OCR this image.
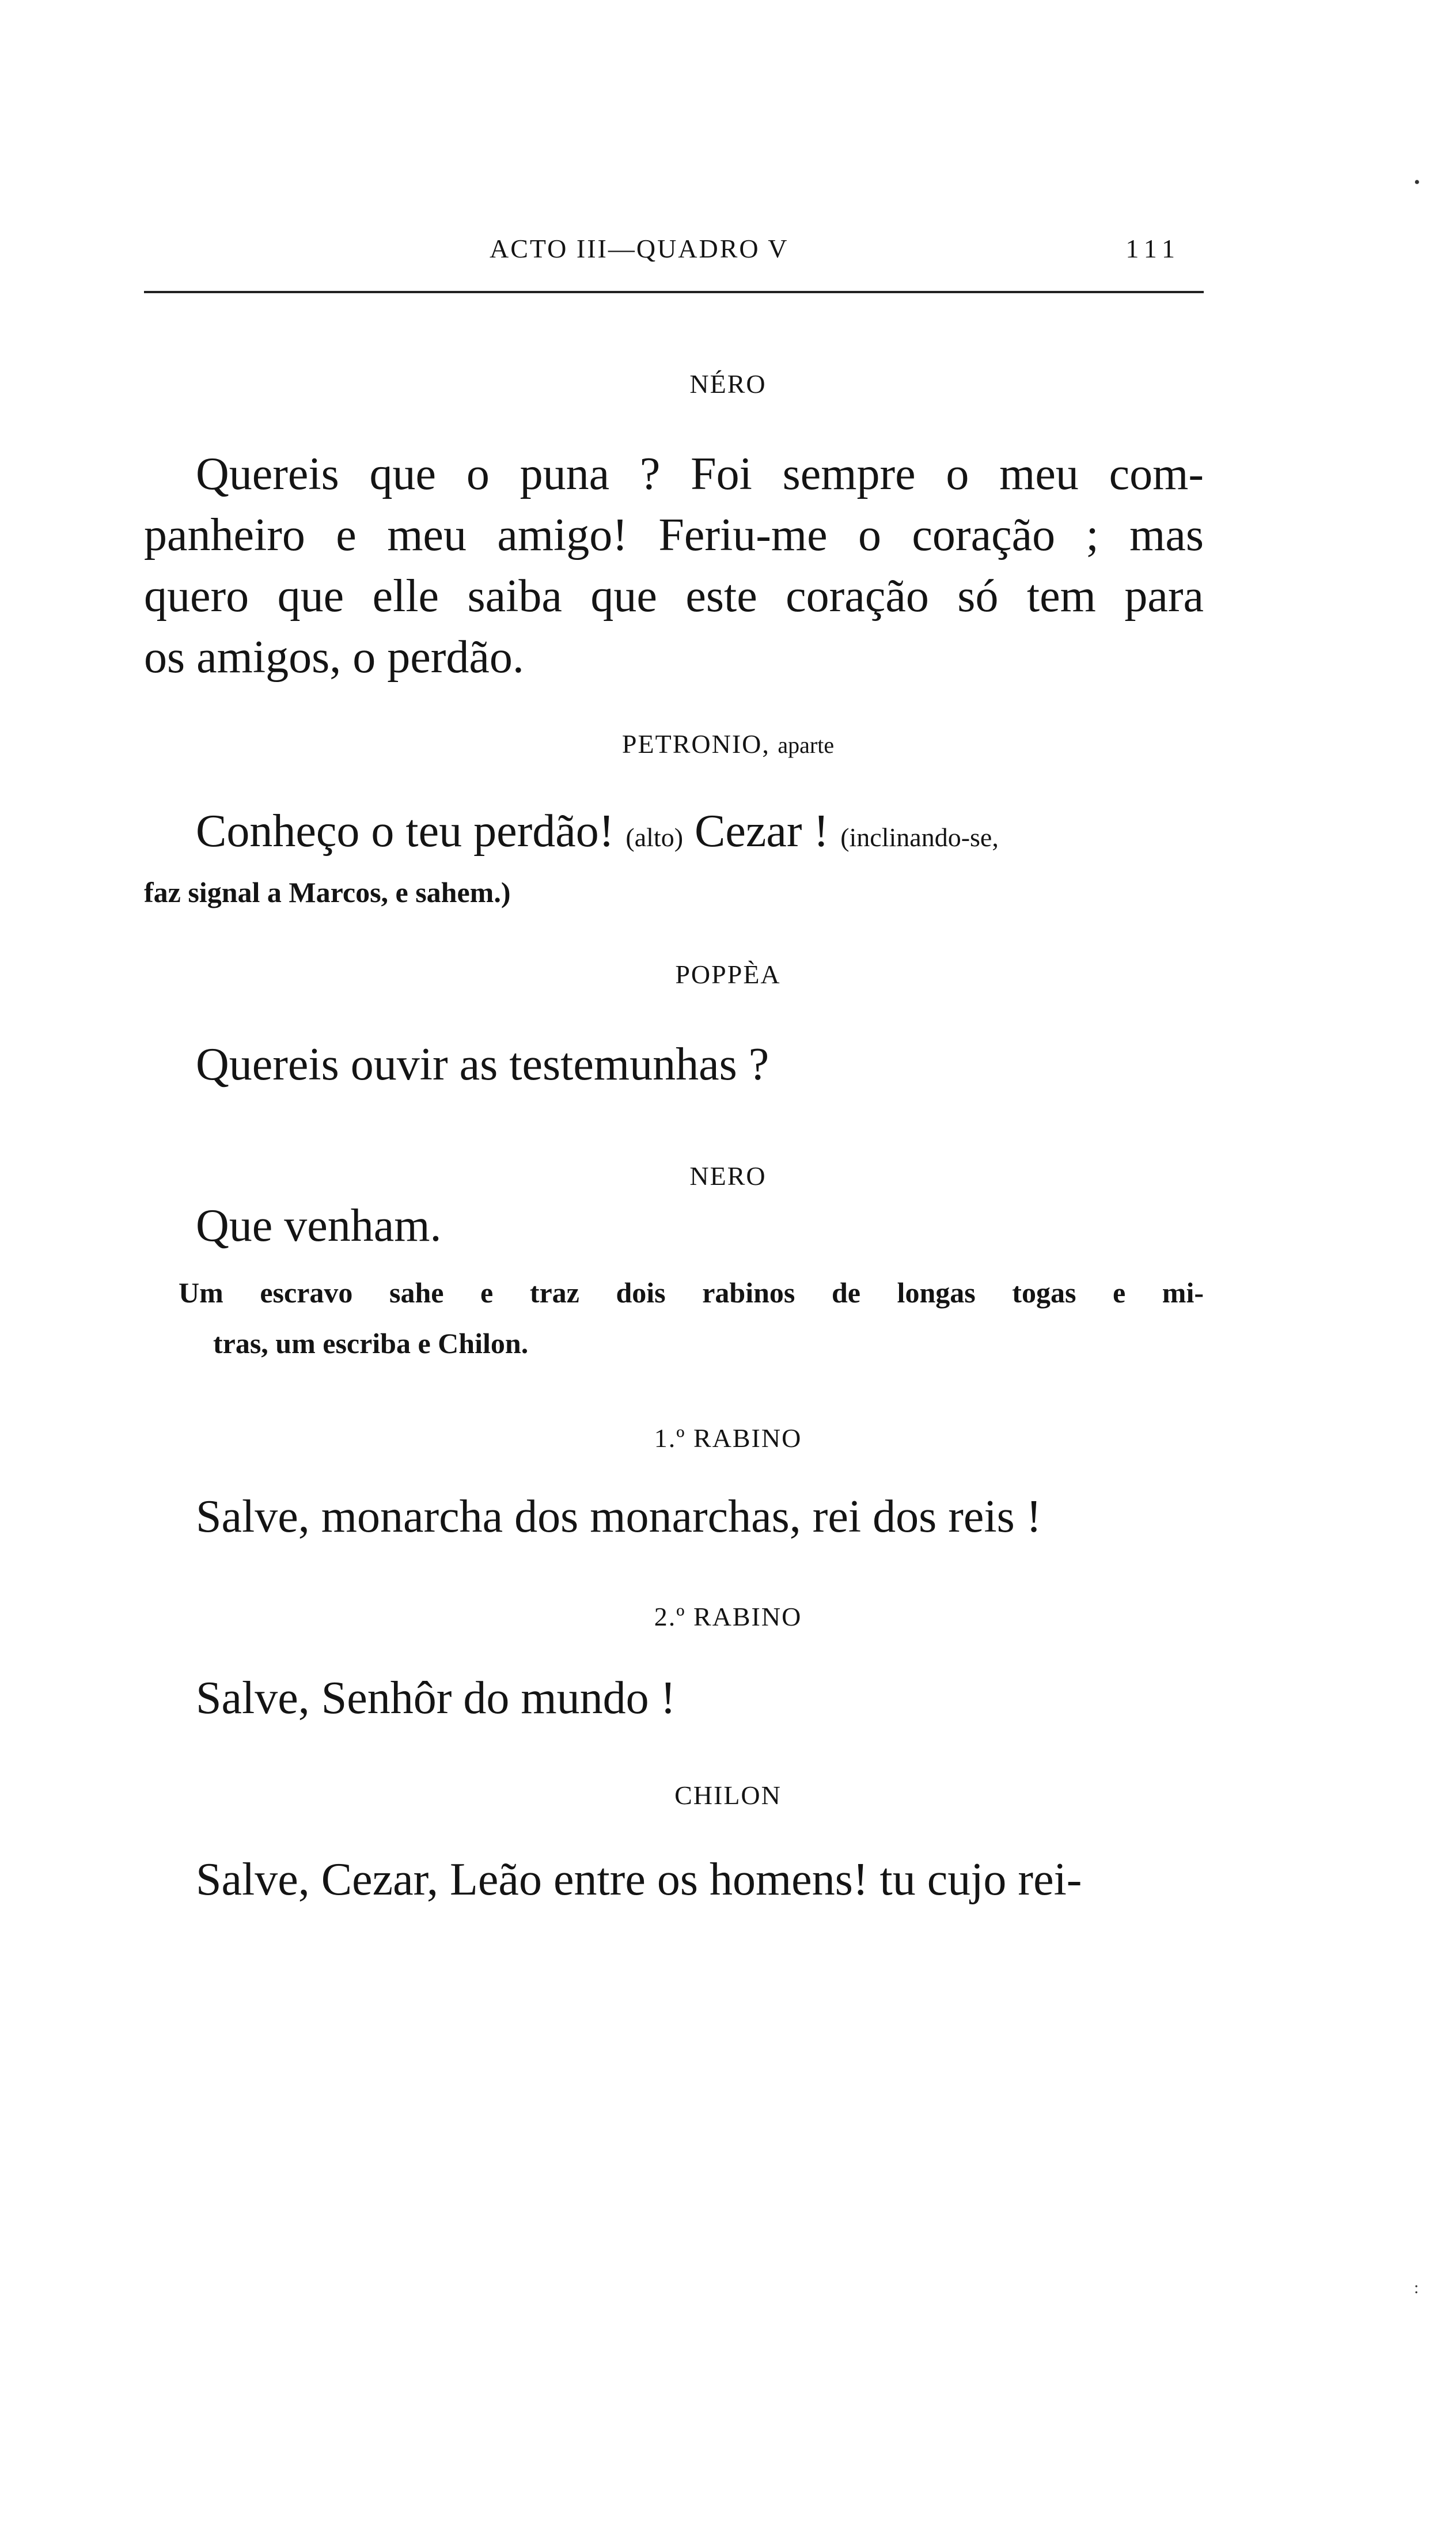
ACTO III—QUADRO V	111
NÉRO
Quereis que o puna ? Foi sempre o meu com-
panheiro e meu amigo! Feriu-me o coração ; mas
quero que elle saiba que este coração só tem para
os amigos, o perdão.
PETRONIO, aparte
Conheço o teu perdão! (alto) Cezar ! (inclinando-se,
faz signal a Marcos, e sahem.)
POPPÈA
Quereis ouvir as testemunhas ?
NERO
Que venham.
Um escravo sahe e traz dois rabinos de longas togas e mi-
tras, um escriba e Chilon.
1.º RABINO
Salve, monarcha dos monarchas, rei dos reis !
2.º RABINO
Salve, Senhôr do mundo !
CHILON
Salve, Cezar, Leão entre os homens! tu cujo rei-
•
:
